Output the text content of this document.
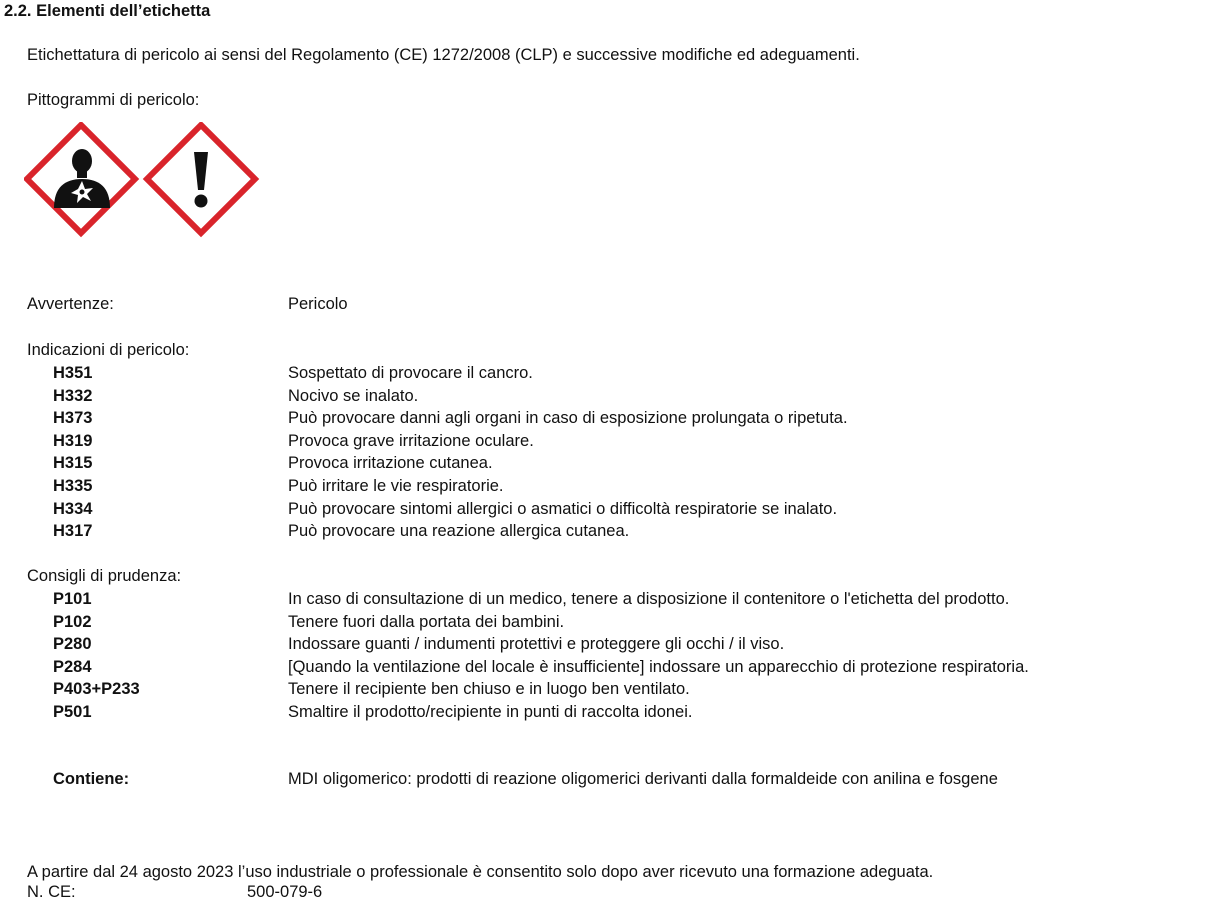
2.2. Elementi dell’etichetta
Etichettatura di pericolo ai sensi del Regolamento (CE) 1272/2008 (CLP) e successive modifiche ed adeguamenti.
Pittogrammi di pericolo:
Avvertenze:	Pericolo
Indicazioni di pericolo:
H351	Sospettato di provocare il cancro.
H332	Nocivo se inalato.
H373	Può provocare danni agli organi in caso di esposizione prolungata o ripetuta.
H319	Provoca grave irritazione oculare.
H315	Provoca irritazione cutanea.
H335	Può irritare le vie respiratorie.
H334	Può provocare sintomi allergici o asmatici o difficoltà respiratorie se inalato.
H317	Può provocare una reazione allergica cutanea.
Consigli di prudenza:
P101	In caso di consultazione di un medico, tenere a disposizione il contenitore o l'etichetta del prodotto.
P102	Tenere fuori dalla portata dei bambini.
P280	Indossare guanti / indumenti protettivi e proteggere gli occhi / il viso.
P284	[Quando la ventilazione del locale è insufficiente] indossare un apparecchio di protezione respiratoria.
P403+P233	Tenere il recipiente ben chiuso e in luogo ben ventilato.
P501	Smaltire il prodotto/recipiente in punti di raccolta idonei.
Contiene:	MDI oligomerico: prodotti di reazione oligomerici derivanti dalla formaldeide con anilina e fosgene
A partire dal 24 agosto 2023 l’uso industriale o professionale è consentito solo dopo aver ricevuto una formazione adeguata.
N. CE:	500-079-6
